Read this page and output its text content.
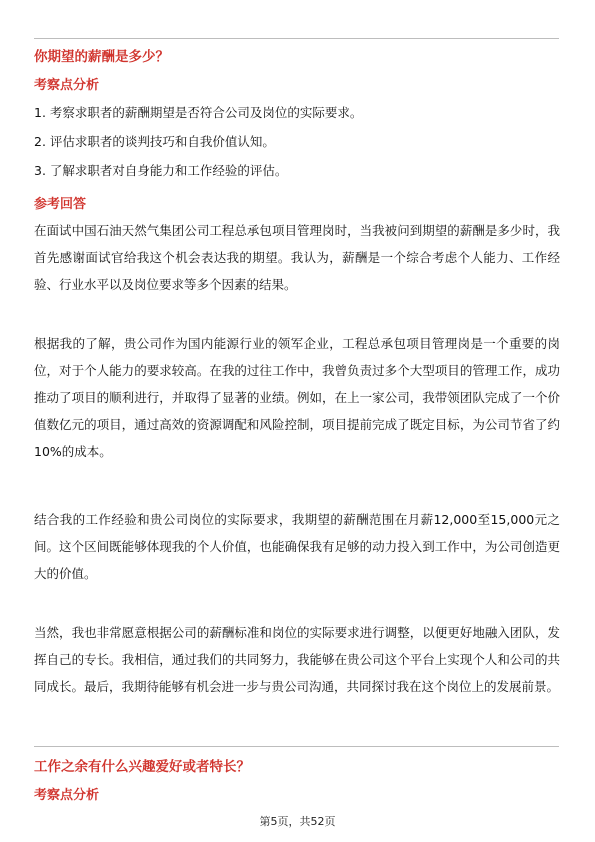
你期望的薪酬是多少？
考察点分析
1. 考察求职者的薪酬期望是否符合公司及岗位的实际要求。
2. 评估求职者的谈判技巧和自我价值认知。
3. 了解求职者对自身能力和工作经验的评估。
参考回答

在面试中国石油天然气集团公司工程总承包项目管理岗时，当我被问到期望的薪酬是多少时，我首先感谢面试官给我这个机会表达我的期望。我认为，薪酬是一个综合考虑个人能力、工作经验、行业水平以及岗位要求等多个因素的结果。

根据我的了解，贵公司作为国内能源行业的领军企业，工程总承包项目管理岗是一个重要的岗位，对于个人能力的要求较高。在我的过往工作中，我曾负责过多个大型项目的管理工作，成功推动了项目的顺利进行，并取得了显著的业绩。例如，在上一家公司，我带领团队完成了一个价值数亿元的项目，通过高效的资源调配和风险控制，项目提前完成了既定目标，为公司节省了约10%的成本。

结合我的工作经验和贵公司岗位的实际要求，我期望的薪酬范围在月薪12,000至15,000元之间。这个区间既能够体现我的个人价值，也能确保我有足够的动力投入到工作中，为公司创造更大的价值。

当然，我也非常愿意根据公司的薪酬标准和岗位的实际要求进行调整，以便更好地融入团队，发挥自己的专长。我相信，通过我们的共同努力，我能够在贵公司这个平台上实现个人和公司的共同成长。最后，我期待能够有机会进一步与贵公司沟通，共同探讨我在这个岗位上的发展前景。

工作之余有什么兴趣爱好或者特长？
考察点分析
第5页，共52页
